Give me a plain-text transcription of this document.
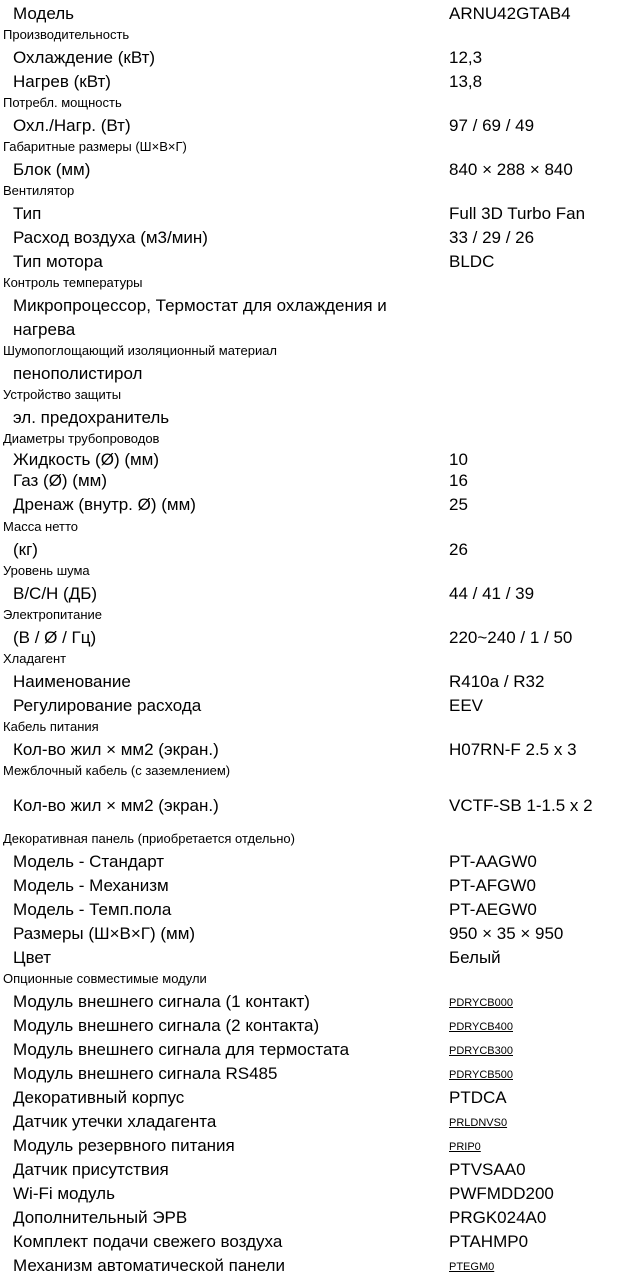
Модель	ARNU42GTAB4
Производительность
Охлаждение (кВт)	12,3
Нагрев (кВт)	13,8
Потребл. мощность
Охл./Нагр. (Вт)	97 / 69 / 49
Габаритные размеры (Ш×В×Г)
Блок (мм)	840 × 288 × 840
Вентилятор
Тип	Full 3D Turbo Fan
Расход воздуха (м3/мин)	33 / 29 / 26
Тип мотора	BLDC
Контроль температуры
Микропроцессор, Термостат для охлаждения и
нагрева
Шумопоглощающий изоляционный материал
пенополистирол
Устройство защиты
эл. предохранитель
Диаметры трубопроводов
Жидкость (Ø) (мм)	10
Газ (Ø) (мм)	16
Дренаж (внутр. Ø) (мм)	25
Масса нетто
(кг)	26
Уровень шума
В/С/Н (ДБ)	44 / 41 / 39
Электропитание
(В / Ø / Гц)	220~240 / 1 / 50
Хладагент
Наименование	R410a / R32
Регулирование расхода	EEV
Кабель питания
Кол-во жил × мм2 (экран.)	H07RN-F 2.5 x 3
Межблочный кабель (с заземлением)
Кол-во жил × мм2 (экран.)	VCTF-SB 1-1.5 x 2
Декоративная панель (приобретается отдельно)
Модель - Стандарт	PT-AAGW0
Модель - Механизм	PT-AFGW0
Модель - Темп.пола	PT-AEGW0
Размеры (Ш×В×Г) (мм)	950 × 35 × 950
Цвет	Белый
Опционные совместимые модули
Модуль внешнего сигнала (1 контакт)	PDRYCB000
Модуль внешнего сигнала (2 контакта)	PDRYCB400
Модуль внешнего сигнала для термостата	PDRYCB300
Модуль внешнего сигнала RS485	PDRYCB500
Декоративный корпус	PTDCA
Датчик утечки хладагента	PRLDNVS0
Модуль резервного питания	PRIP0
Датчик присутствия	PTVSAA0
Wi-Fi модуль	PWFMDD200
Дополнительный ЭРВ	PRGK024A0
Комплект подачи свежего воздуха	PTAHMP0
Механизм автоматической панели	PTEGM0
